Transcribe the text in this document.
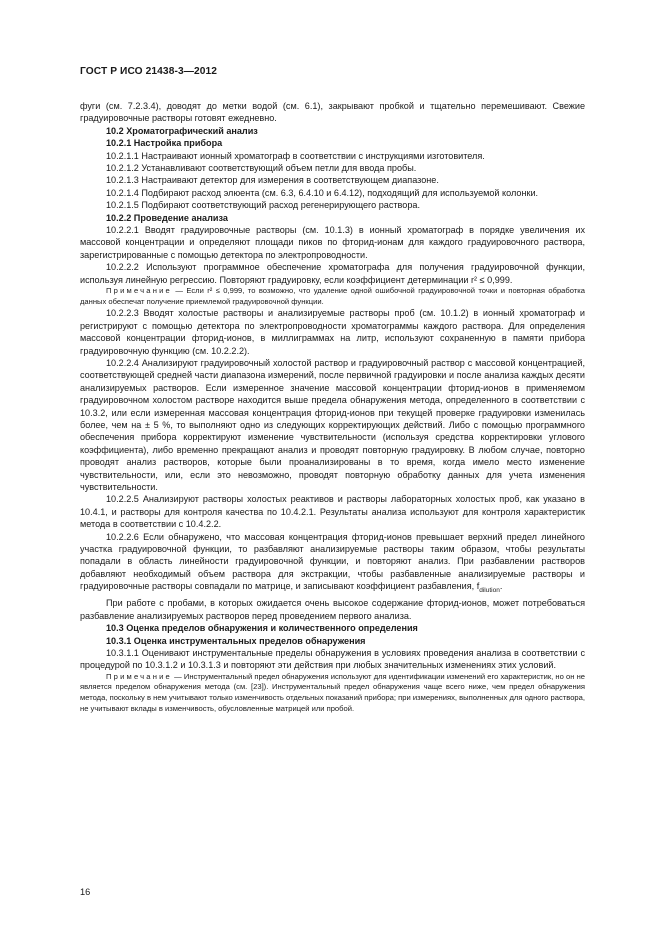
ГОСТ Р ИСО 21438-3—2012

фуги (см. 7.2.3.4), доводят до метки водой (см. 6.1), закрывают пробкой и тщательно перемешивают. Свежие градуировочные растворы готовят ежедневно.

10.2 Хроматографический анализ

10.2.1 Настройка прибора

10.2.1.1 Настраивают ионный хроматограф в соответствии с инструкциями изготовителя.

10.2.1.2 Устанавливают соответствующий объем петли для ввода пробы.

10.2.1.3 Настраивают детектор для измерения в соответствующем диапазоне.

10.2.1.4 Подбирают расход элюента (см. 6.3, 6.4.10 и 6.4.12), подходящий для используемой колонки.

10.2.1.5 Подбирают соответствующий расход регенерирующего раствора.

10.2.2 Проведение анализа

10.2.2.1 Вводят градуировочные растворы (см. 10.1.3) в ионный хроматограф в порядке увеличения их массовой концентрации и определяют площади пиков по фторид-ионам для каждого градуировочного раствора, зарегистрированные с помощью детектора по электропроводности.

10.2.2.2 Используют программное обеспечение хроматографа для получения градуировочной функции, используя линейную регрессию. Повторяют градуировку, если коэффициент детерминации r² ≤ 0,999.

Примечание — Если r² ≤ 0,999, то возможно, что удаление одной ошибочной градуировочной точки и повторная обработка данных обеспечат получение приемлемой градуировочной функции.

10.2.2.3 Вводят холостые растворы и анализируемые растворы проб (см. 10.1.2) в ионный хроматограф и регистрируют с помощью детектора по электропроводности хроматограммы каждого раствора. Для определения массовой концентрации фторид-ионов, в миллиграммах на литр, используют сохраненную в памяти прибора градуировочную функцию (см. 10.2.2.2).

10.2.2.4 Анализируют градуировочный холостой раствор и градуировочный раствор с массовой концентрацией, соответствующей средней части диапазона измерений, после первичной градуировки и после анализа каждых десяти анализируемых растворов. Если измеренное значение массовой концентрации фторид-ионов в применяемом градуировочном холостом растворе находится выше предела обнаружения метода, определенного в соответствии с 10.3.2, или если измеренная массовая концентрация фторид-ионов при текущей проверке градуировки изменилась более, чем на ± 5 %, то выполняют одно из следующих корректирующих действий. Либо с помощью программного обеспечения прибора корректируют изменение чувствительности (используя средства корректировки углового коэффициента), либо временно прекращают анализ и проводят повторную градуировку. В любом случае, повторно проводят анализ растворов, которые были проанализированы в то время, когда имело место изменение чувствительности, или, если это невозможно, проводят повторную обработку данных для учета изменения чувствительности.

10.2.2.5 Анализируют растворы холостых реактивов и растворы лабораторных холостых проб, как указано в 10.4.1, и растворы для контроля качества по 10.4.2.1. Результаты анализа используют для контроля характеристик метода в соответствии с 10.4.2.2.

10.2.2.6 Если обнаружено, что массовая концентрация фторид-ионов превышает верхний предел линейного участка градуировочной функции, то разбавляют анализируемые растворы таким образом, чтобы результаты попадали в область линейности градуировочной функции, и повторяют анализ. При разбавлении растворов добавляют необходимый объем раствора для экстракции, чтобы разбавленные анализируемые растворы и градуировочные растворы совпадали по матрице, и записывают коэффициент разбавления, $f_{dilution}$.

При работе с пробами, в которых ожидается очень высокое содержание фторид-ионов, может потребоваться разбавление анализируемых растворов перед проведением первого анализа.

10.3 Оценка пределов обнаружения и количественного определения

10.3.1 Оценка инструментальных пределов обнаружения

10.3.1.1 Оценивают инструментальные пределы обнаружения в условиях проведения анализа в соответствии с процедурой по 10.3.1.2 и 10.3.1.3 и повторяют эти действия при любых значительных изменениях этих условий.

Примечание — Инструментальный предел обнаружения используют для идентификации изменений его характеристик, но он не является пределом обнаружения метода (см. [23]). Инструментальный предел обнаружения чаще всего ниже, чем предел обнаружения метода, поскольку в нем учитывают только изменчивость отдельных показаний прибора; при измерениях, выполненных для одного раствора, не учитывают вклады в изменчивость, обусловленные матрицей или пробой.

16
